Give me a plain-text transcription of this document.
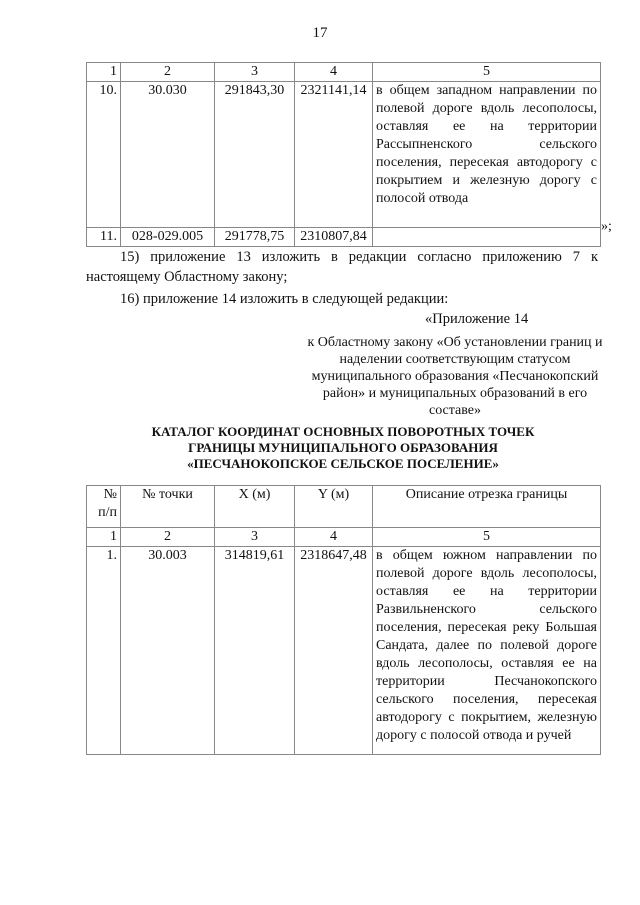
17
1	2	3	4	5
10.	30.030	291843,30	2321141,14	в общем западном направлении по полевой дороге вдоль лесополосы, оставляя ее на территории Рассыпненского сельского поселения, пересекая автодорогу с покрытием и железную дорогу с полосой отвода
11.	028-029.005	291778,75	2310807,84	
»;
15) приложение 13 изложить в редакции согласно приложению 7 к настоящему Областному закону;
16) приложение 14 изложить в следующей редакции:
«Приложение 14
к Областному закону «Об установлении границ и наделении соответствующим статусом муниципального образования «Песчанокопский район» и муниципальных образований в его составе»
КАТАЛОГ КООРДИНАТ ОСНОВНЫХ ПОВОРОТНЫХ ТОЧЕК
ГРАНИЦЫ МУНИЦИПАЛЬНОГО ОБРАЗОВАНИЯ
«ПЕСЧАНОКОПСКОЕ СЕЛЬСКОЕ ПОСЕЛЕНИЕ»
№ п/п	№ точки	X (м)	Y (м)	Описание отрезка границы
1	2	3	4	5
1.	30.003	314819,61	2318647,48	в общем южном направлении по полевой дороге вдоль лесополосы, оставляя ее на территории Развильненского сельского поселения, пересекая реку Большая Сандата, далее по полевой дороге вдоль лесополосы, оставляя ее на территории Песчанокопского сельского поселения, пересекая автодорогу с покрытием, железную дорогу с полосой отвода и ручей
